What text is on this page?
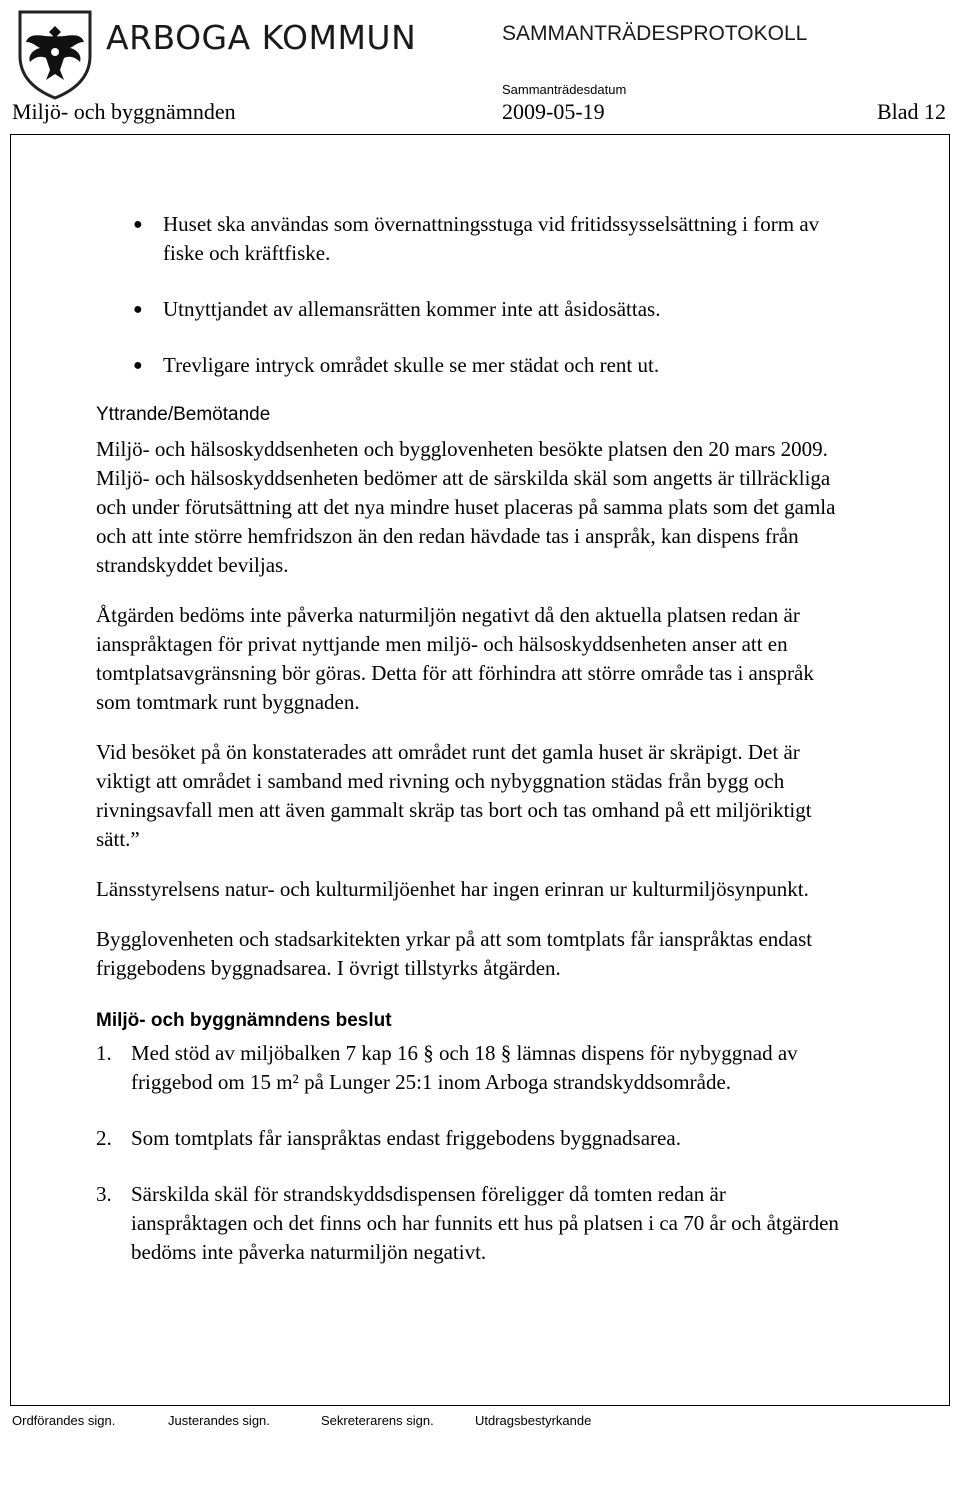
ARBOGA KOMMUN	SAMMANTRÄDESPROTOKOLL
Sammanträdesdatum
Miljö- och byggnämnden	2009-05-19	Blad 12
● Huset ska användas som övernattningsstuga vid fritidssysselsättning i form av fiske och kräftfiske.
● Utnyttjandet av allemansrätten kommer inte att åsidosättas.
● Trevligare intryck området skulle se mer städat och rent ut.
Yttrande/Bemötande

Miljö- och hälsoskyddsenheten och bygglovenheten besökte platsen den 20 mars 2009. Miljö- och hälsoskyddsenheten bedömer att de särskilda skäl som angetts är tillräckliga och under förutsättning att det nya mindre huset placeras på samma plats som det gamla och att inte större hemfridszon än den redan hävdade tas i anspråk, kan dispens från strandskyddet beviljas.

Åtgärden bedöms inte påverka naturmiljön negativt då den aktuella platsen redan är ianspråktagen för privat nyttjande men miljö- och hälsoskyddsenheten anser att en tomtplatsavgränsning bör göras. Detta för att förhindra att större område tas i anspråk som tomtmark runt byggnaden.

Vid besöket på ön konstaterades att området runt det gamla huset är skräpigt. Det är viktigt att området i samband med rivning och nybyggnation städas från bygg och rivningsavfall men att även gammalt skräp tas bort och tas omhand på ett miljöriktigt sätt.”

Länsstyrelsens natur- och kulturmiljöenhet har ingen erinran ur kulturmiljösynpunkt.

Bygglovenheten och stadsarkitekten yrkar på att som tomtplats får ianspråktas endast friggebodens byggnadsarea. I övrigt tillstyrks åtgärden.

Miljö- och byggnämndens beslut
1. Med stöd av miljöbalken 7 kap 16 § och 18 § lämnas dispens för nybyggnad av friggebod om 15 m² på Lunger 25:1 inom Arboga strandskyddsområde.
2. Som tomtplats får ianspråktas endast friggebodens byggnadsarea.
3. Särskilda skäl för strandskyddsdispensen föreligger då tomten redan är ianspråktagen och det finns och har funnits ett hus på platsen i ca 70 år och åtgärden bedöms inte påverka naturmiljön negativt.
Ordförandes sign.	Justerandes sign.	Sekreterarens sign.	Utdragsbestyrkande
